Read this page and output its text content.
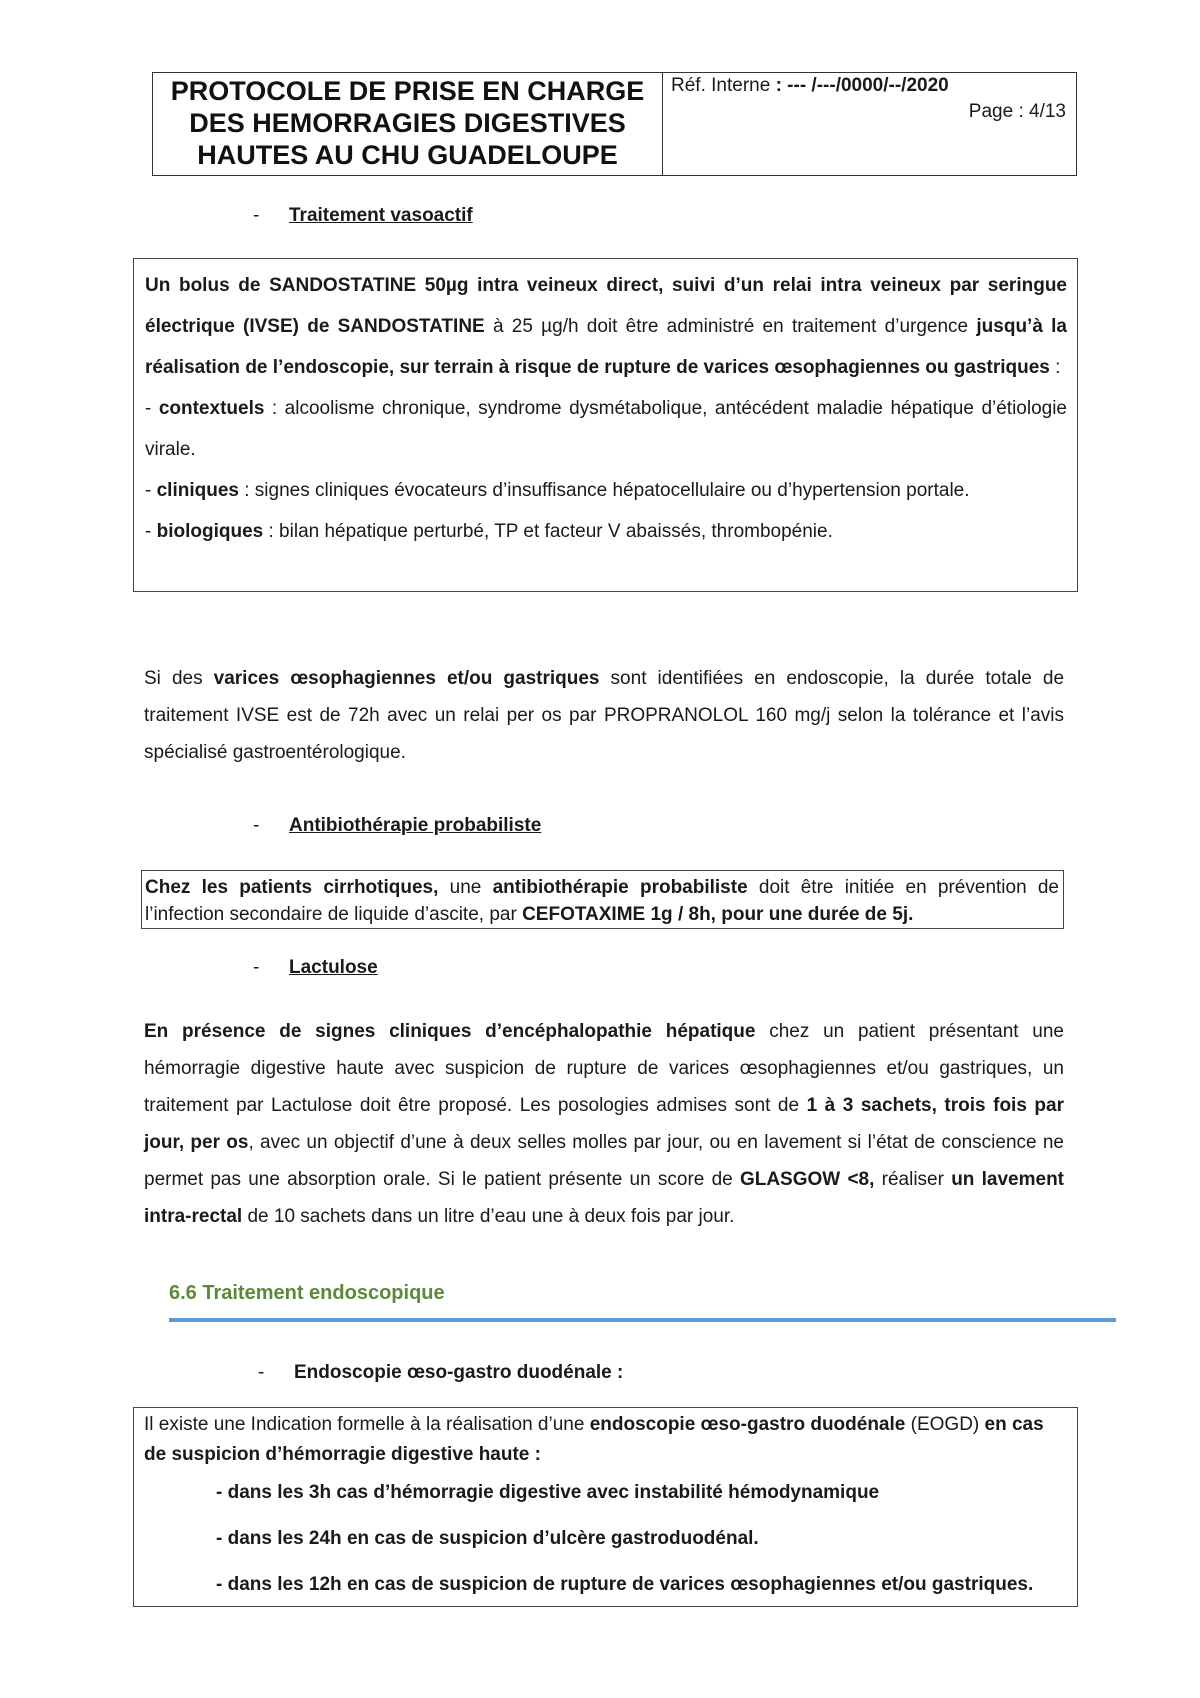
PROTOCOLE DE PRISE EN CHARGE
DES HEMORRAGIES DIGESTIVES
HAUTES AU CHU GUADELOUPE
Réf. Interne : --- /---/0000/--/2020
Page : 4/13
- Traitement vasoactif
Un bolus de SANDOSTATINE 50µg intra veineux direct, suivi d’un relai intra veineux par seringue électrique (IVSE) de SANDOSTATINE à 25 µg/h doit être administré en traitement d’urgence jusqu’à la réalisation de l’endoscopie, sur terrain à risque de rupture de varices œsophagiennes ou gastriques :
- contextuels : alcoolisme chronique, syndrome dysmétabolique, antécédent maladie hépatique d’étiologie virale.
- cliniques : signes cliniques évocateurs d’insuffisance hépatocellulaire ou d’hypertension portale.
- biologiques : bilan hépatique perturbé, TP et facteur V abaissés, thrombopénie.
Si des varices œsophagiennes et/ou gastriques sont identifiées en endoscopie, la durée totale de traitement IVSE est de 72h avec un relai per os par PROPRANOLOL 160 mg/j selon la tolérance et l’avis spécialisé gastroentérologique.
- Antibiothérapie probabiliste
Chez les patients cirrhotiques, une antibiothérapie probabiliste doit être initiée en prévention de l’infection secondaire de liquide d’ascite, par CEFOTAXIME 1g / 8h, pour une durée de 5j.
- Lactulose
En présence de signes cliniques d’encéphalopathie hépatique chez un patient présentant une hémorragie digestive haute avec suspicion de rupture de varices œsophagiennes et/ou gastriques, un traitement par Lactulose doit être proposé. Les posologies admises sont de 1 à 3 sachets, trois fois par jour, per os, avec un objectif d’une à deux selles molles par jour, ou en lavement si l’état de conscience ne permet pas une absorption orale. Si le patient présente un score de GLASGOW <8, réaliser un lavement intra-rectal de 10 sachets dans un litre d’eau une à deux fois par jour.
6.6 Traitement endoscopique
- Endoscopie œso-gastro duodénale :
Il existe une Indication formelle à la réalisation d’une endoscopie œso-gastro duodénale (EOGD) en cas de suspicion d’hémorragie digestive haute :
- dans les 3h cas d’hémorragie digestive avec instabilité hémodynamique
- dans les 24h en cas de suspicion d’ulcère gastroduodénal.
- dans les 12h en cas de suspicion de rupture de varices œsophagiennes et/ou gastriques.
